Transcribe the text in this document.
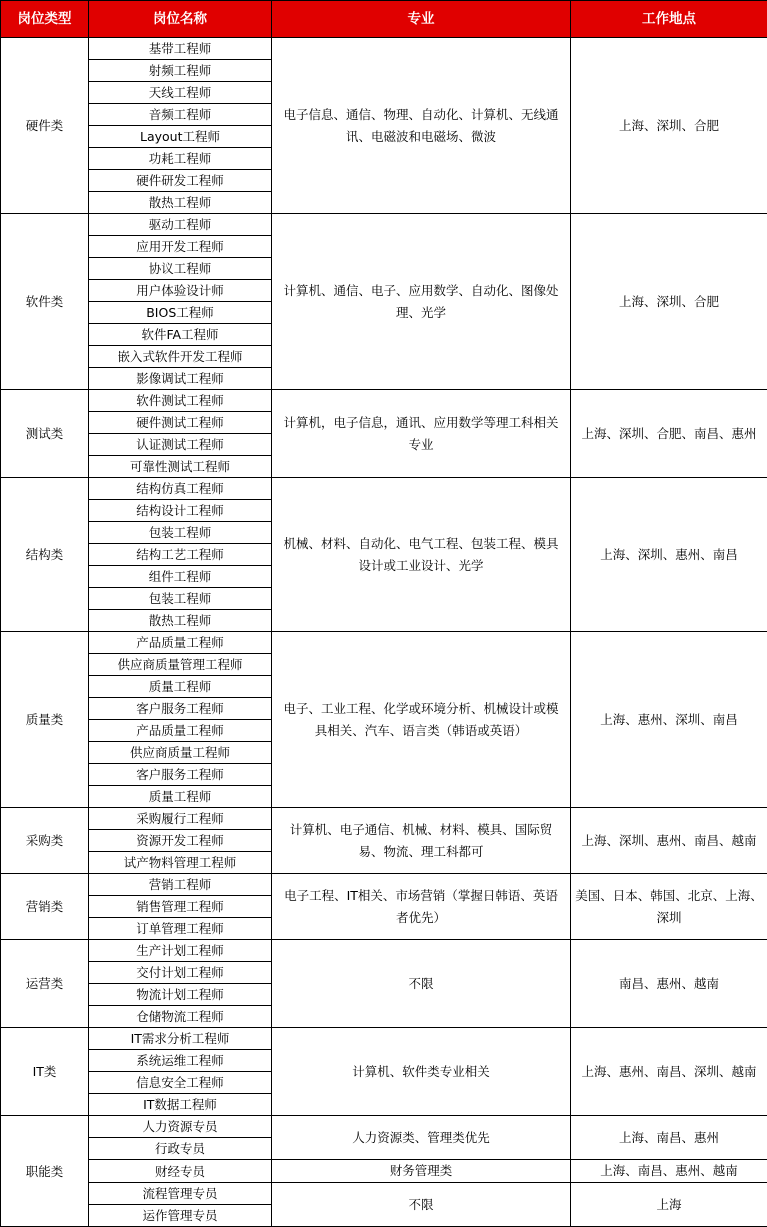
岗位类型	岗位名称	专业	工作地点
硬件类	基带工程师	电子信息、通信、物理、自动化、计算机、无线通讯、电磁波和电磁场、微波	上海、深圳、合肥
	射频工程师		
	天线工程师		
	音频工程师		
	Layout工程师		
	功耗工程师		
	硬件研发工程师		
	散热工程师		
软件类	驱动工程师	计算机、通信、电子、应用数学、自动化、图像处理、光学	上海、深圳、合肥
	应用开发工程师		
	协议工程师		
	用户体验设计师		
	BIOS工程师		
	软件FA工程师		
	嵌入式软件开发工程师		
	影像调试工程师		
测试类	软件测试工程师	计算机，电子信息，通讯、应用数学等理工科相关专业	上海、深圳、合肥、南昌、惠州
	硬件测试工程师		
	认证测试工程师		
	可靠性测试工程师		
结构类	结构仿真工程师	机械、材料、自动化、电气工程、包装工程、模具设计或工业设计、光学	上海、深圳、惠州、南昌
	结构设计工程师		
	包装工程师		
	结构工艺工程师		
	组件工程师		
	包装工程师		
	散热工程师		
质量类	产品质量工程师	电子、工业工程、化学或环境分析、机械设计或模具相关、汽车、语言类（韩语或英语）	上海、惠州、深圳、南昌
	供应商质量管理工程师		
	质量工程师		
	客户服务工程师		
	产品质量工程师		
	供应商质量工程师		
	客户服务工程师		
	质量工程师		
采购类	采购履行工程师	计算机、电子通信、机械、材料、模具、国际贸易、物流、理工科都可	上海、深圳、惠州、南昌、越南
	资源开发工程师		
	试产物料管理工程师		
营销类	营销工程师	电子工程、IT相关、市场营销（掌握日韩语、英语者优先）	美国、日本、韩国、北京、上海、深圳
	销售管理工程师		
	订单管理工程师		
运营类	生产计划工程师	不限	南昌、惠州、越南
	交付计划工程师		
	物流计划工程师		
	仓储物流工程师		
IT类	IT需求分析工程师	计算机、软件类专业相关	上海、惠州、南昌、深圳、越南
	系统运维工程师		
	信息安全工程师		
	IT数据工程师		
职能类	人力资源专员	人力资源类、管理类优先	上海、南昌、惠州
	行政专员		
	财经专员	财务管理类	上海、南昌、惠州、越南
	流程管理专员	不限	上海
	运作管理专员		
